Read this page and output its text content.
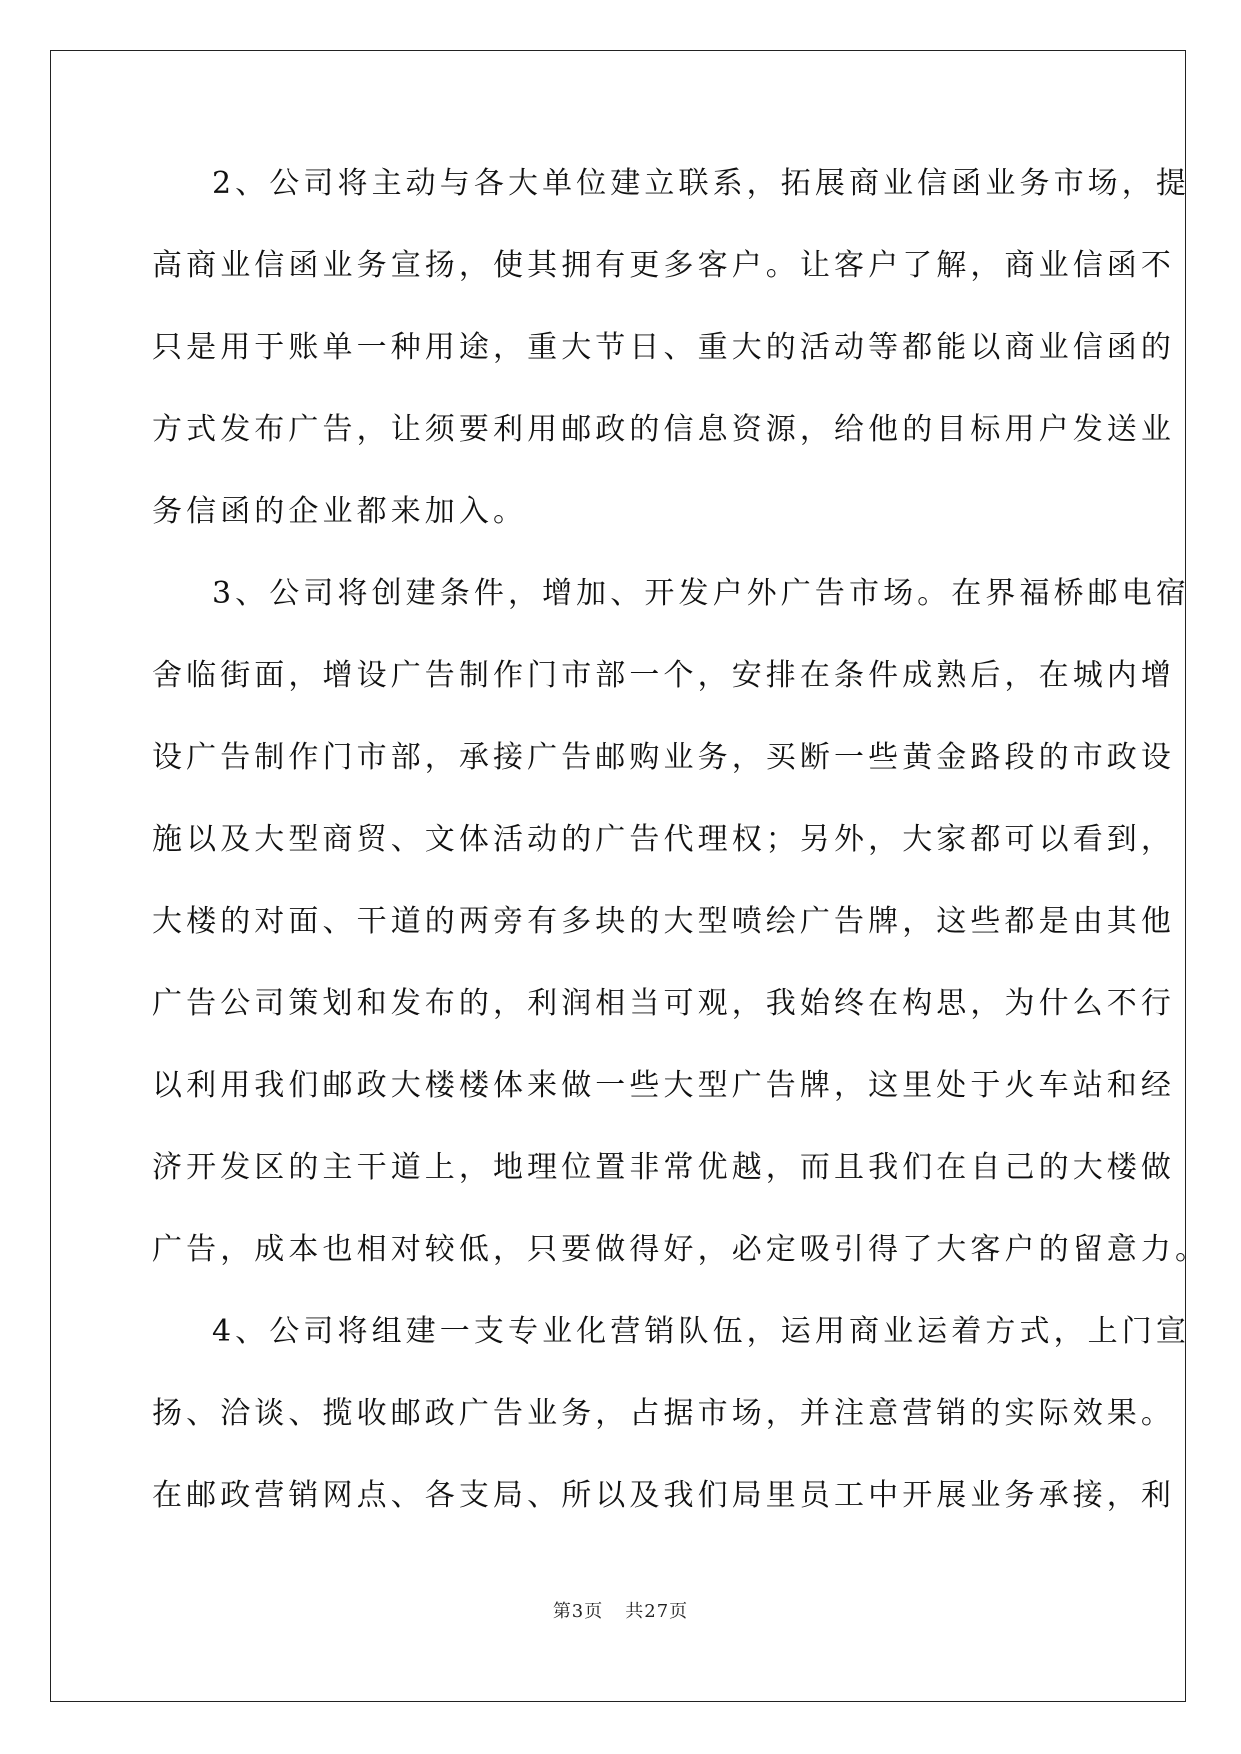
2、公司将主动与各大单位建立联系，拓展商业信函业务市场，提
高商业信函业务宣扬，使其拥有更多客户。让客户了解，商业信函不
只是用于账单一种用途，重大节日、重大的活动等都能以商业信函的
方式发布广告，让须要利用邮政的信息资源，给他的目标用户发送业
务信函的企业都来加入。
3、公司将创建条件，增加、开发户外广告市场。在界福桥邮电宿
舍临街面，增设广告制作门市部一个，安排在条件成熟后，在城内增
设广告制作门市部，承接广告邮购业务，买断一些黄金路段的市政设
施以及大型商贸、文体活动的广告代理权；另外，大家都可以看到，
大楼的对面、干道的两旁有多块的大型喷绘广告牌，这些都是由其他
广告公司策划和发布的，利润相当可观，我始终在构思，为什么不行
以利用我们邮政大楼楼体来做一些大型广告牌，这里处于火车站和经
济开发区的主干道上，地理位置非常优越，而且我们在自己的大楼做
广告，成本也相对较低，只要做得好，必定吸引得了大客户的留意力。
4、公司将组建一支专业化营销队伍，运用商业运着方式，上门宣
扬、洽谈、揽收邮政广告业务，占据市场，并注意营销的实际效果。
在邮政营销网点、各支局、所以及我们局里员工中开展业务承接，利
第3页 共27页
